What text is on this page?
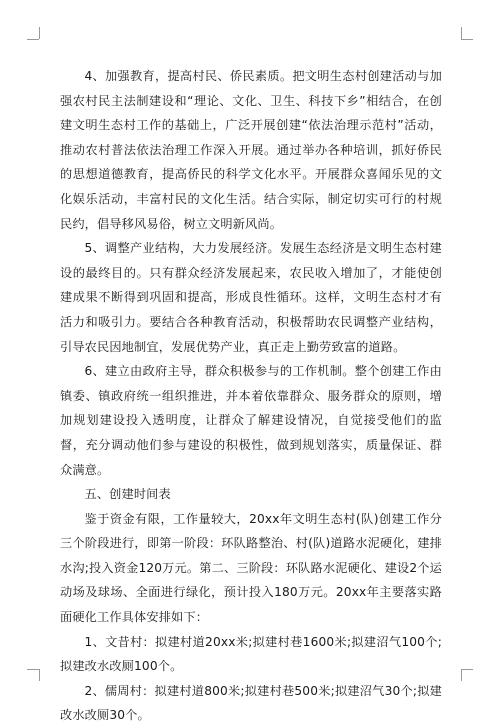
4、加强教育，提高村民、侨民素质。把文明生态村创建活动与加强农村民主法制建设和“理论、文化、卫生、科技下乡”相结合，在创建文明生态村工作的基础上，广泛开展创建“依法治理示范村”活动，推动农村普法依法治理工作深入开展。通过举办各种培训，抓好侨民的思想道德教育，提高侨民的科学文化水平。开展群众喜闻乐见的文化娱乐活动，丰富村民的文化生活。结合实际，制定切实可行的村规民约，倡导移风易俗，树立文明新风尚。

5、调整产业结构，大力发展经济。发展生态经济是文明生态村建设的最终目的。只有群众经济发展起来，农民收入增加了，才能使创建成果不断得到巩固和提高，形成良性循环。这样，文明生态村才有活力和吸引力。要结合各种教育活动，积极帮助农民调整产业结构，引导农民因地制宜，发展优势产业，真正走上勤劳致富的道路。

6、建立由政府主导，群众积极参与的工作机制。整个创建工作由镇委、镇政府统一组织推进，并本着依靠群众、服务群众的原则，增加规划建设投入透明度，让群众了解建设情况，自觉接受他们的监督，充分调动他们参与建设的积极性，做到规划落实，质量保证、群众满意。

五、创建时间表

鉴于资金有限，工作量较大，20xx年文明生态村(队)创建工作分三个阶段进行，即第一阶段：环队路整治、村(队)道路水泥硬化，建排水沟;投入资金120万元。第二、三阶段：环队路水泥硬化、建设2个运动场及球场、全面进行绿化，预计投入180万元。20xx年主要落实路面硬化工作具体安排如下：

1、文昔村：拟建村道20xx米;拟建村巷1600米;拟建沼气100个;拟建改水改厕100个。

2、儒周村：拟建村道800米;拟建村巷500米;拟建沼气30个;拟建改水改厕30个。
